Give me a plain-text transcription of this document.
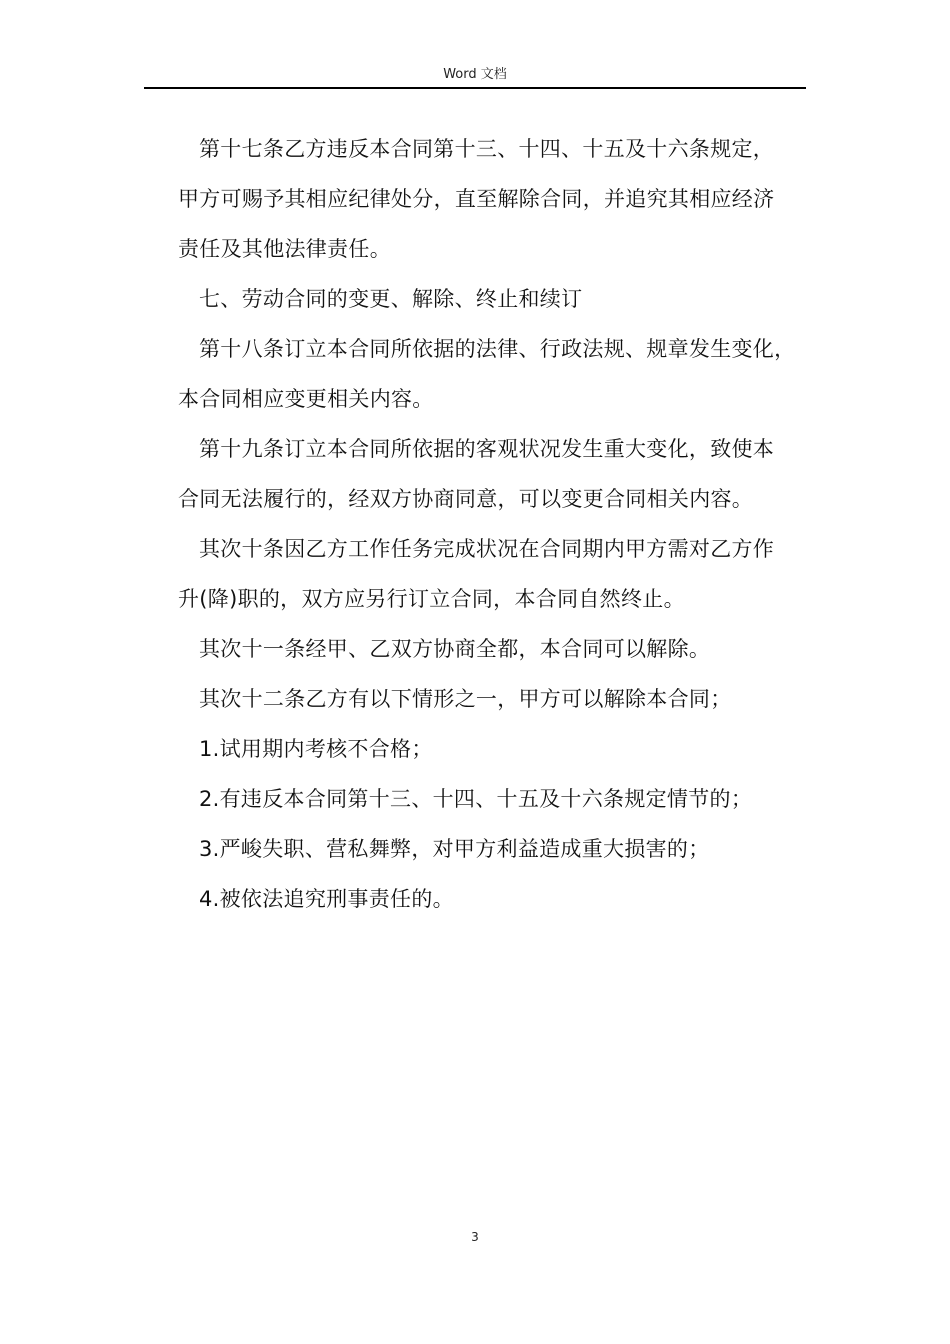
Word 文档

第十七条乙方违反本合同第十三、十四、十五及十六条规定，

甲方可赐予其相应纪律处分，直至解除合同，并追究其相应经济

责任及其他法律责任。

七、劳动合同的变更、解除、终止和续订

第十八条订立本合同所依据的法律、行政法规、规章发生变化，

本合同相应变更相关内容。

第十九条订立本合同所依据的客观状况发生重大变化，致使本

合同无法履行的，经双方协商同意，可以变更合同相关内容。

其次十条因乙方工作任务完成状况在合同期内甲方需对乙方作

升(降)职的，双方应另行订立合同，本合同自然终止。

其次十一条经甲、乙双方协商全都，本合同可以解除。

其次十二条乙方有以下情形之一，甲方可以解除本合同；

1.试用期内考核不合格；

2.有违反本合同第十三、十四、十五及十六条规定情节的；

3.严峻失职、营私舞弊，对甲方利益造成重大损害的；

4.被依法追究刑事责任的。

3
